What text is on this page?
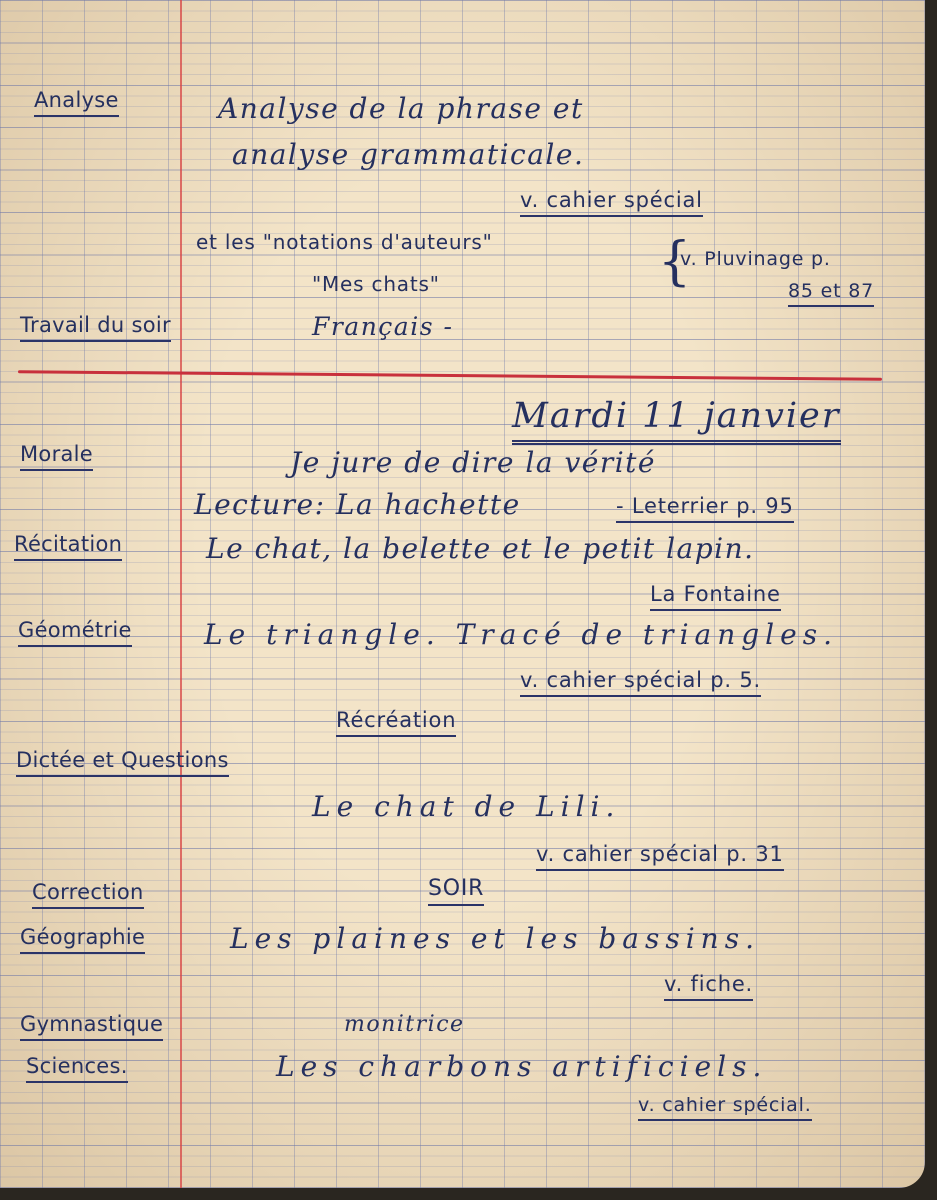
Analyse
Travail du soir
Morale
Récitation
Géométrie
Dictée et Questions
Correction
Géographie
Gymnastique
Sciences.
Analyse de la phrase et
analyse grammaticale.
v. cahier spécial
et les "notations d'auteurs"	{
v. Pluvinage p.
85 et 87
"Mes chats"
Français -
Mardi 11 janvier
Je jure de dire la vérité
Lecture: La hachette	- Leterrier p. 95
Le chat, la belette et le petit lapin.
La Fontaine
Le triangle. Tracé de triangles.
v. cahier spécial p. 5.
Récréation
Le chat de Lili.
v. cahier spécial p. 31
SOIR
Les plaines et les bassins.
v. fiche.
monitrice
Les charbons artificiels.
v. cahier spécial.
